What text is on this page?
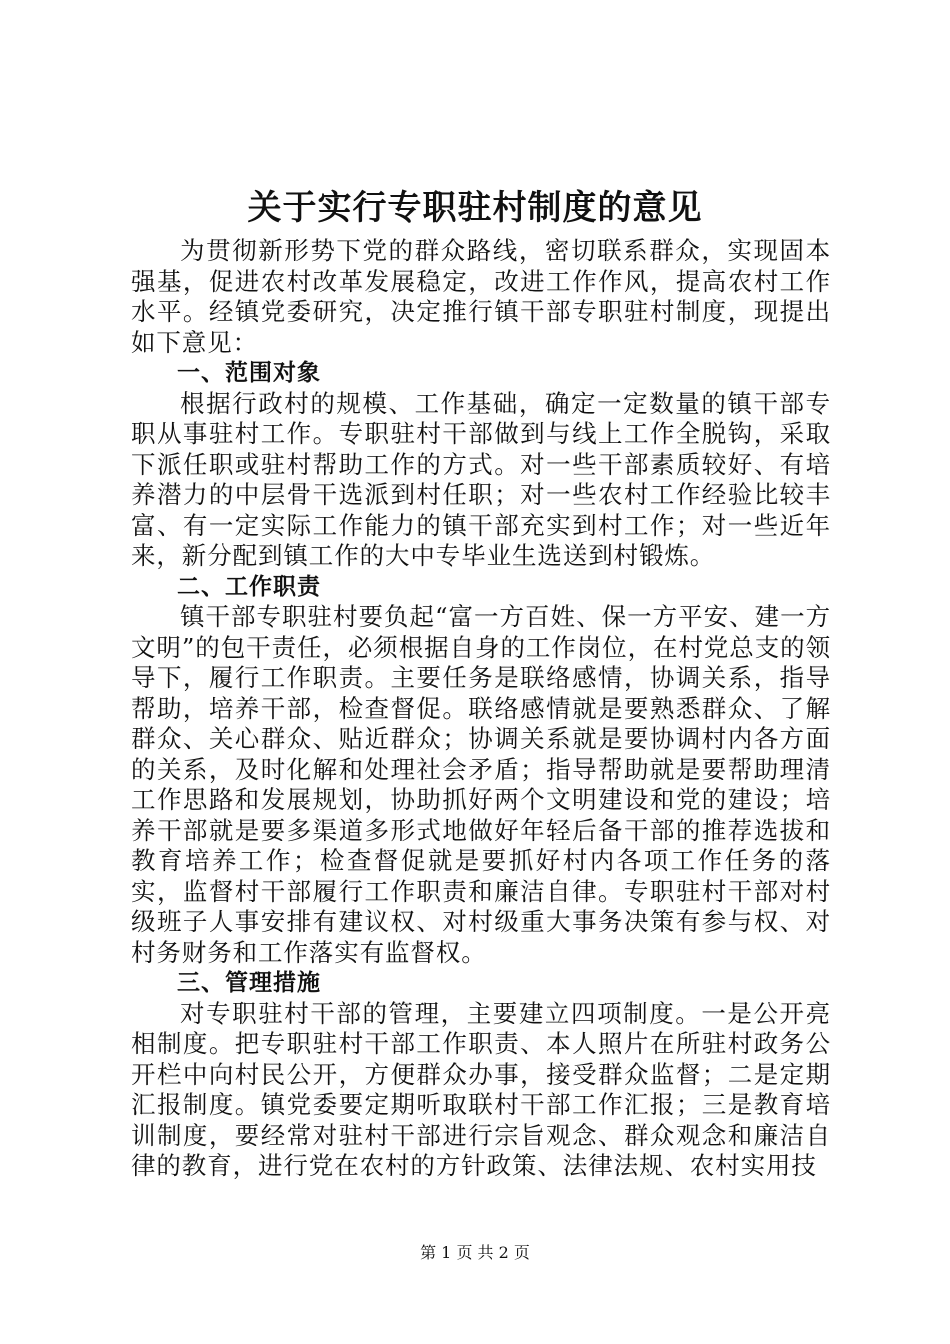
关于实行专职驻村制度的意见

为贯彻新形势下党的群众路线，密切联系群众，实现固本强基，促进农村改革发展稳定，改进工作作风，提高农村工作水平。经镇党委研究，决定推行镇干部专职驻村制度，现提出如下意见：

一、范围对象

根据行政村的规模、工作基础，确定一定数量的镇干部专职从事驻村工作。专职驻村干部做到与线上工作全脱钩，采取下派任职或驻村帮助工作的方式。对一些干部素质较好、有培养潜力的中层骨干选派到村任职；对一些农村工作经验比较丰富、有一定实际工作能力的镇干部充实到村工作；对一些近年来，新分配到镇工作的大中专毕业生选送到村锻炼。

二、工作职责

镇干部专职驻村要负起“富一方百姓、保一方平安、建一方文明”的包干责任，必须根据自身的工作岗位，在村党总支的领导下，履行工作职责。主要任务是联络感情，协调关系，指导帮助，培养干部，检查督促。联络感情就是要熟悉群众、了解群众、关心群众、贴近群众；协调关系就是要协调村内各方面的关系，及时化解和处理社会矛盾；指导帮助就是要帮助理清工作思路和发展规划，协助抓好两个文明建设和党的建设；培养干部就是要多渠道多形式地做好年轻后备干部的推荐选拔和教育培养工作；检查督促就是要抓好村内各项工作任务的落实，监督村干部履行工作职责和廉洁自律。专职驻村干部对村级班子人事安排有建议权、对村级重大事务决策有参与权、对村务财务和工作落实有监督权。

三、管理措施

对专职驻村干部的管理，主要建立四项制度。一是公开亮相制度。把专职驻村干部工作职责、本人照片在所驻村政务公开栏中向村民公开，方便群众办事，接受群众监督；二是定期汇报制度。镇党委要定期听取联村干部工作汇报；三是教育培训制度，要经常对驻村干部进行宗旨观念、群众观念和廉洁自律的教育，进行党在农村的方针政策、法律法规、农村实用技

第 1 页 共 2 页
